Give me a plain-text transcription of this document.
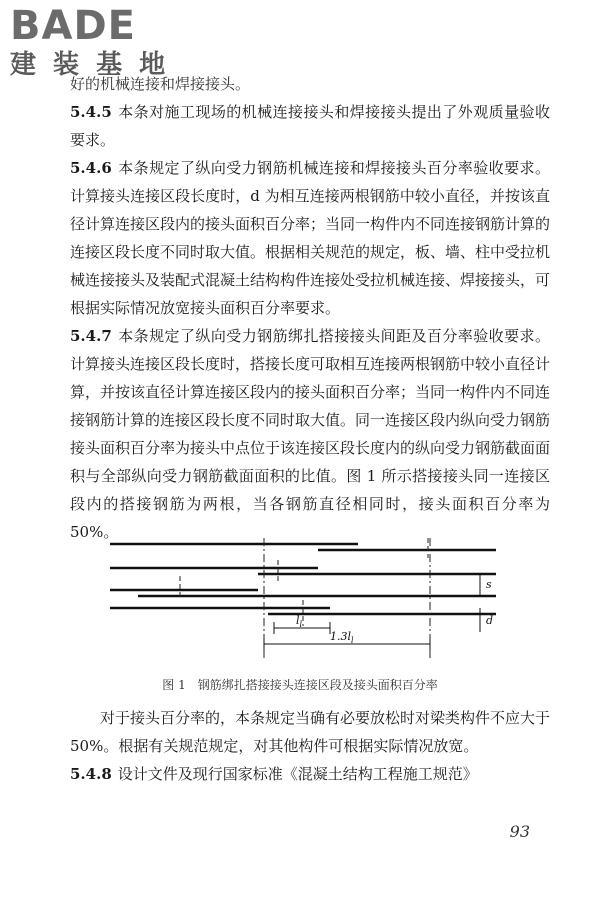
BADE
建 装 基 地

好的机械连接和焊接接头。

5.4.5 本条对施工现场的机械连接接头和焊接接头提出了外观质量验收要求。

5.4.6 本条规定了纵向受力钢筋机械连接和焊接接头百分率验收要求。计算接头连接区段长度时，d 为相互连接两根钢筋中较小直径，并按该直径计算连接区段内的接头面积百分率；当同一构件内不同连接钢筋计算的连接区段长度不同时取大值。根据相关规范的规定，板、墙、柱中受拉机械连接接头及装配式混凝土结构构件连接处受拉机械连接、焊接接头，可根据实际情况放宽接头面积百分率要求。

5.4.7 本条规定了纵向受力钢筋绑扎搭接接头间距及百分率验收要求。计算接头连接区段长度时，搭接长度可取相互连接两根钢筋中较小直径计算，并按该直径计算连接区段内的接头面积百分率；当同一构件内不同连接钢筋计算的连接区段长度不同时取大值。同一连接区段内纵向受力钢筋接头面积百分率为接头中点位于该连接区段长度内的纵向受力钢筋截面面积与全部纵向受力钢筋截面面积的比值。图 1 所示搭接接头同一连接区段内的搭接钢筋为两根，当各钢筋直径相同时，接头面积百分率为 50%。

$l_l$
$1.3l_l$
s
d
图 1　钢筋绑扎搭接接头连接区段及接头面积百分率

对于接头百分率的，本条规定当确有必要放松时对梁类构件不应大于 50%。根据有关规范规定，对其他构件可根据实际情况放宽。

5.4.8 设计文件及现行国家标准《混凝土结构工程施工规范》

93
